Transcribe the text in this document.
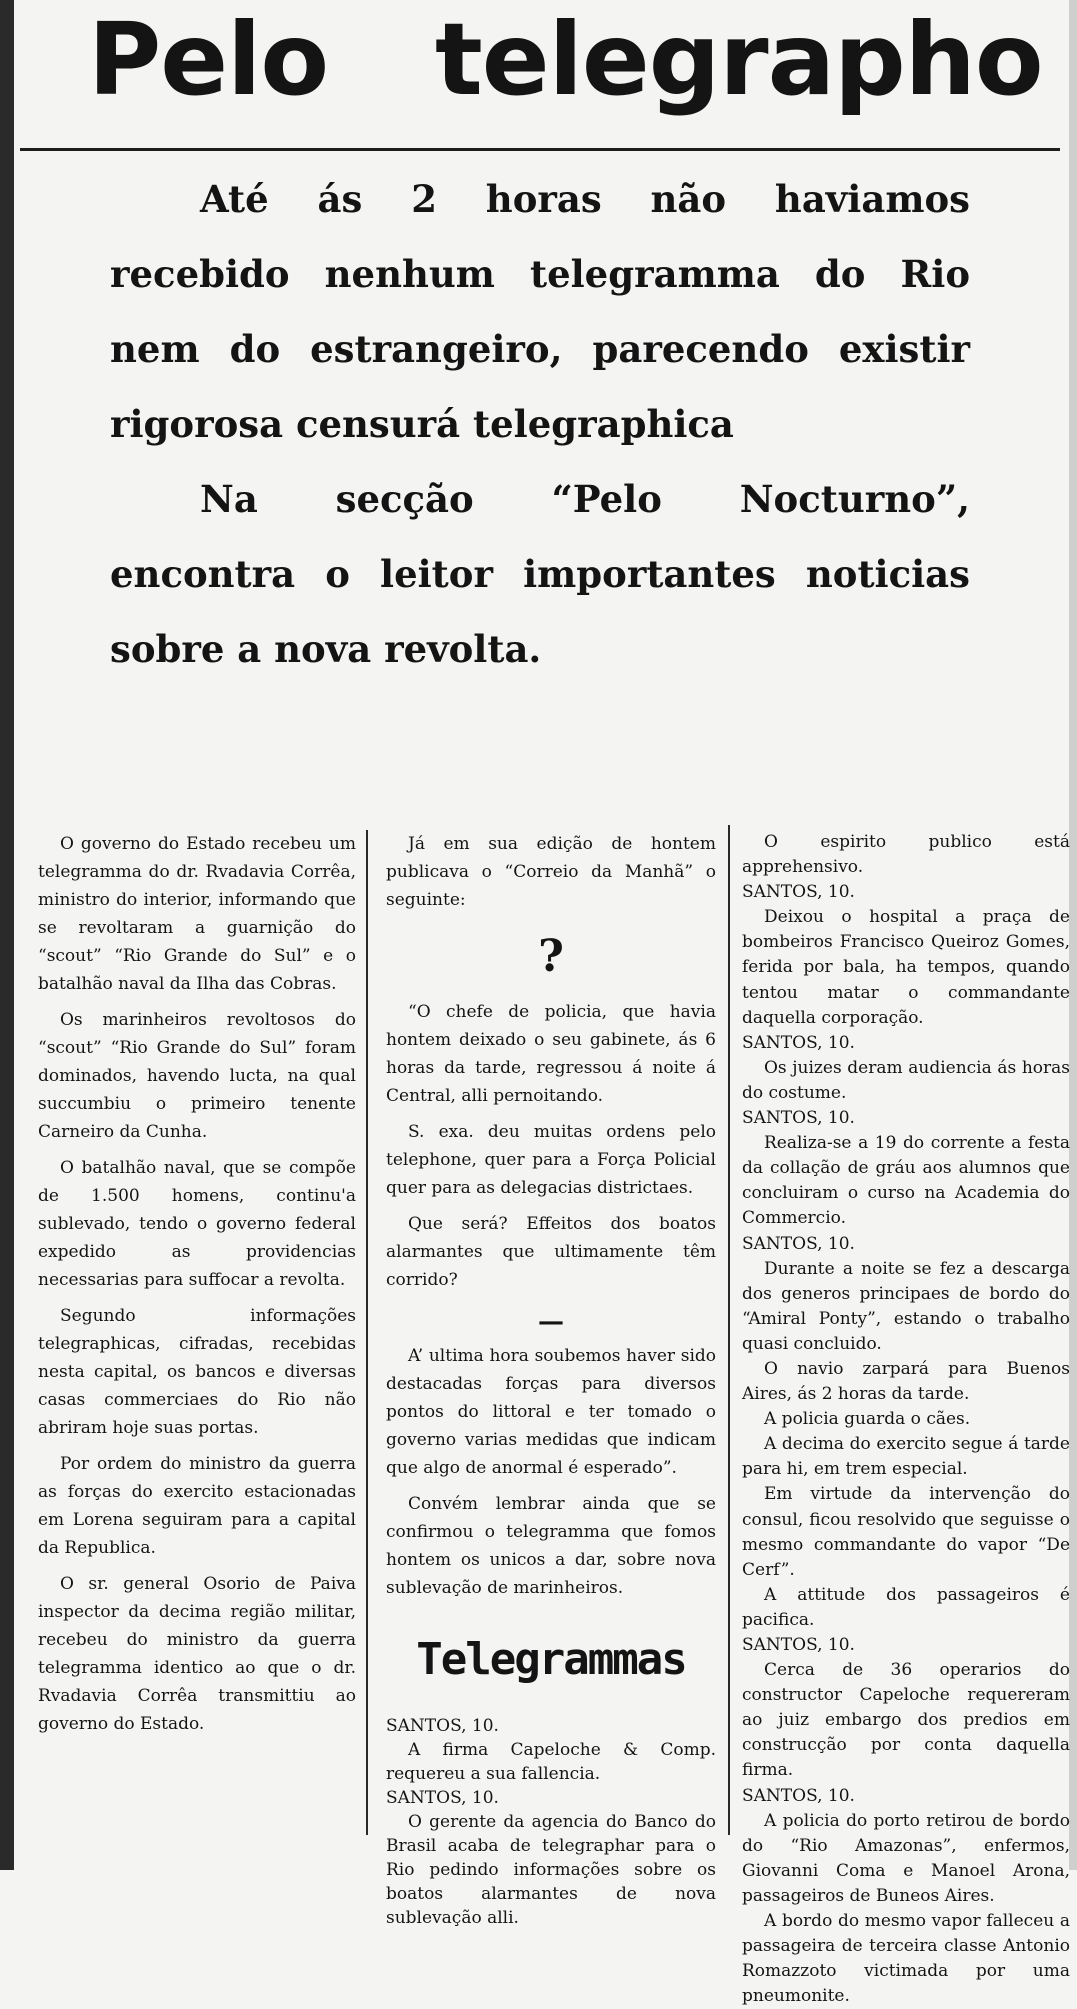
Pelo telegrapho

Até ás 2 horas não haviamos recebido nenhum telegramma do Rio nem do estrangeiro, parecendo existir rigorosa censurá telegraphica

Na secção “Pelo Nocturno”, encontra o leitor importantes noticias sobre a nova revolta.

O governo do Estado recebeu um telegramma do dr. Rvadavia Corrêa, ministro do interior, informando que se revoltaram a guarnição do “scout” “Rio Grande do Sul” e o batalhão naval da Ilha das Cobras.

Os marinheiros revoltosos do “scout” “Rio Grande do Sul” foram dominados, havendo lucta, na qual succumbiu o primeiro tenente Carneiro da Cunha.

O batalhão naval, que se compõe de 1.500 homens, continu'a sublevado, tendo o governo federal expedido as providencias necessarias para suffocar a revolta.

Segundo informações telegraphicas, cifradas, recebidas nesta capital, os bancos e diversas casas commerciaes do Rio não abriram hoje suas portas.

Por ordem do ministro da guerra as forças do exercito estacionadas em Lorena seguiram para a capital da Republica.

O sr. general Osorio de Paiva inspector da decima região militar, recebeu do ministro da guerra telegramma identico ao que o dr. Rvadavia Corrêa transmittiu ao governo do Estado.

Já em sua edição de hontem publicava o “Correio da Manhã” o seguinte:

?

“O chefe de policia, que havia hontem deixado o seu gabinete, ás 6 horas da tarde, regressou á noite á Central, alli pernoitando.

S. exa. deu muitas ordens pelo telephone, quer para a Força Policial quer para as delegacias districtaes.

Que será? Effeitos dos boatos alarmantes que ultimamente têm corrido?

—

A’ ultima hora soubemos haver sido destacadas forças para diversos pontos do littoral e ter tomado o governo varias medidas que indicam que algo de anormal é esperado”.

Convém lembrar ainda que se confirmou o telegramma que fomos hontem os unicos a dar, sobre nova sublevação de marinheiros.

Telegrammas

SANTOS, 10.

A firma Capeloche & Comp. requereu a sua fallencia.

SANTOS, 10.

O gerente da agencia do Banco do Brasil acaba de telegraphar para o Rio pedindo informações sobre os boatos alarmantes de nova sublevação alli.

O espirito publico está apprehensivo.

SANTOS, 10.

Deixou o hospital a praça de bombeiros Francisco Queiroz Gomes, ferida por bala, ha tempos, quando tentou matar o commandante daquella corporação.

SANTOS, 10.

Os juizes deram audiencia ás horas do costume.

SANTOS, 10.

Realiza-se a 19 do corrente a festa da collação de gráu aos alumnos que concluiram o curso na Academia do Commercio.

SANTOS, 10.

Durante a noite se fez a descarga dos generos principaes de bordo do “Amiral Ponty”, estando o trabalho quasi concluido.

O navio zarpará para Buenos Aires, ás 2 horas da tarde.

A policia guarda o cães.

A decima do exercito segue á tarde para hi, em trem especial.

Em virtude da intervenção do consul, ficou resolvido que seguisse o mesmo commandante do vapor “De Cerf”.

A attitude dos passageiros é pacifica.

SANTOS, 10.

Cerca de 36 operarios do constructor Capeloche requereram ao juiz embargo dos predios em construcção por conta daquella firma.

SANTOS, 10.

A policia do porto retirou de bordo do “Rio Amazonas”, enfermos, Giovanni Coma e Manoel Arona, passageiros de Buneos Aires.

A bordo do mesmo vapor falleceu a passageira de terceira classe Antonio Romazzoto victimada por uma pneumonite.
